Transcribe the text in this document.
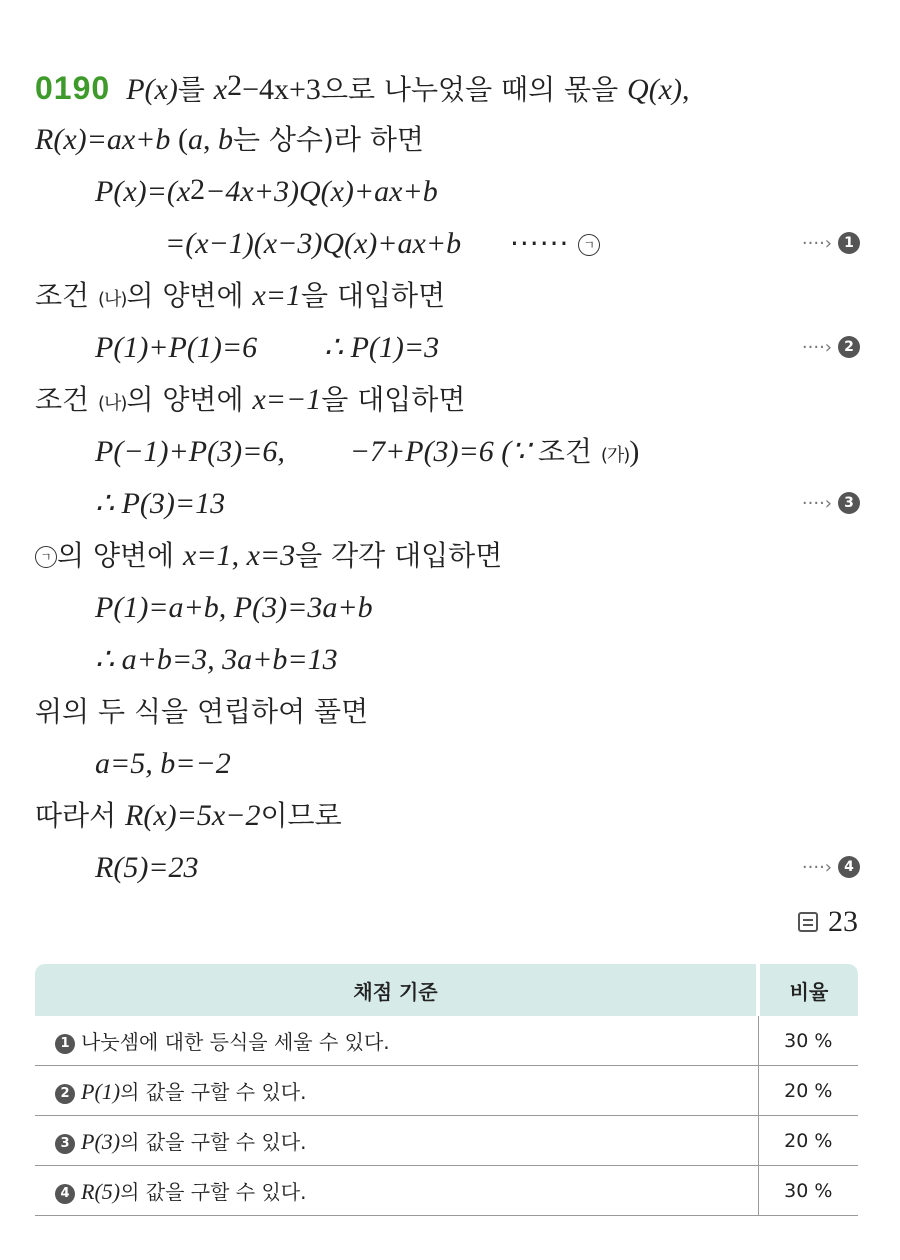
0190 P(x)를 $x^2-4x+3$으로 나누었을 때의 몫을 Q(x),
R(x)=ax+b (a, b는 상수)라 하면
$P(x)=(x^2-4x+3)Q(x)+ax+b$
=(x−1)(x−3)Q(x)+ax+b ······ ㄱ	····› 1
조건 (나)의 양변에 x=1을 대입하면
P(1)+P(1)=6 ∴ P(1)=3	····› 2
조건 (나)의 양변에 x=−1을 대입하면
P(−1)+P(3)=6, −7+P(3)=6 (∵ 조건 (가))
∴ P(3)=13	····› 3
ㄱ 의 양변에 x=1, x=3을 각각 대입하면
P(1)=a+b, P(3)=3a+b
∴ a+b=3, 3a+b=13
위의 두 식을 연립하여 풀면
a=5, b=−2
따라서 R(x)=5x−2이므로
R(5)=23	····› 4
23
채점 기준	비율
1 나눗셈에 대한 등식을 세울 수 있다.	30 %
2 P(1)의 값을 구할 수 있다.	20 %
3 P(3)의 값을 구할 수 있다.	20 %
4 R(5)의 값을 구할 수 있다.	30 %
